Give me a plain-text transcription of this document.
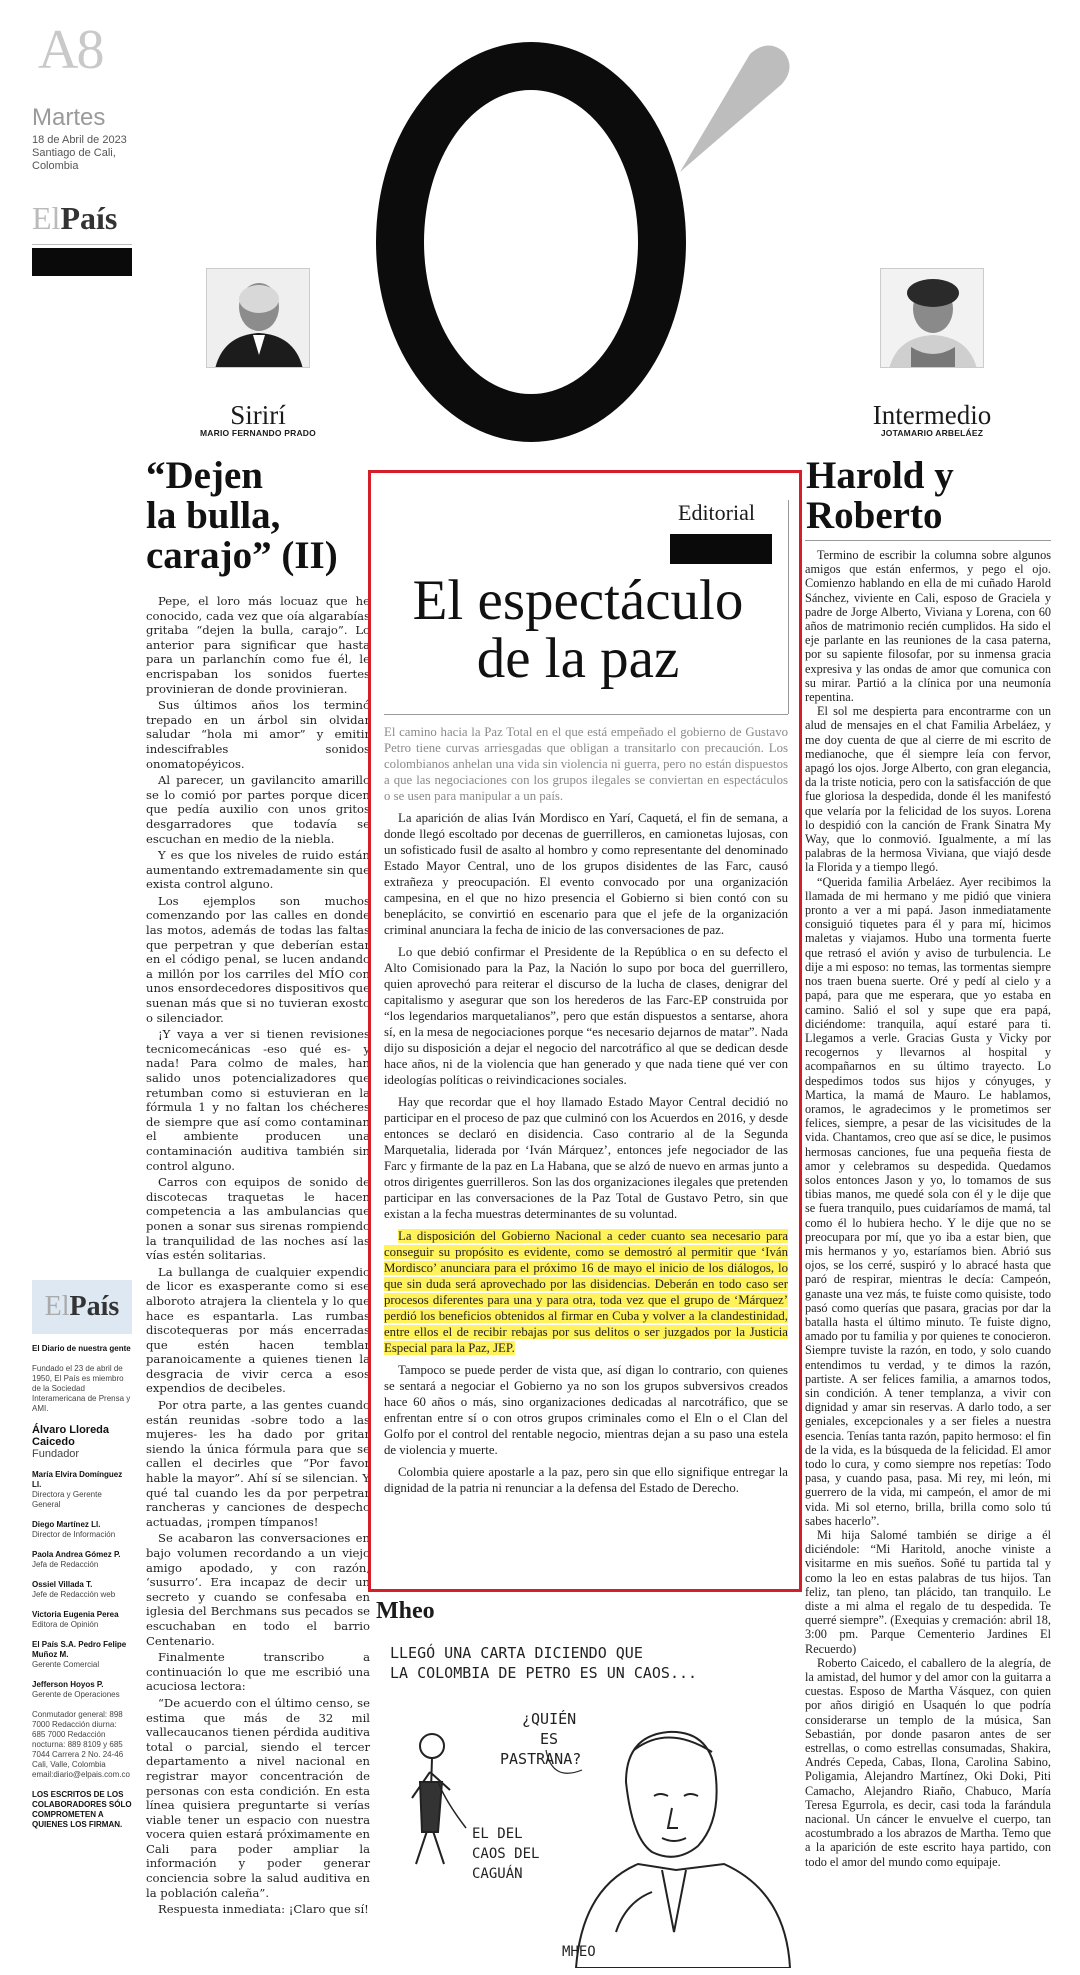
A8
Martes
18 de Abril de 2023
Santiago de Cali, Colombia
ElPaís
Sirirí
MARIO FERNANDO PRADO
Intermedio
JOTAMARIO ARBELÁEZ
“Dejen
la bulla,
carajo” (II)

Pepe, el loro más locuaz que he conocido, cada vez que oía algarabías gritaba “dejen la bulla, carajo”. Lo anterior para significar que hasta para un parlanchín como fue él, le encrispaban los sonidos fuertes provinieran de donde provinieran.

Sus últimos años los terminó trepado en un árbol sin olvidar saludar “hola mi amor” y emitir indescifrables sonidos onomatopéyicos.

Al parecer, un gavilancito amarillo se lo comió por partes porque dicen que pedía auxilio con unos gritos desgarradores que todavía se escuchan en medio de la niebla.

Y es que los niveles de ruido están aumentando extremadamente sin que exista control alguno.

Los ejemplos son muchos comenzando por las calles en donde las motos, además de todas las faltas que perpetran y que deberían estar en el código penal, se lucen andando a millón por los carriles del MÍO con unos ensordecedores dispositivos que suenan más que si no tuvieran exosto o silenciador.

¡Y vaya a ver si tienen revisiones tecnicomecánicas -eso qué es- y nada! Para colmo de males, han salido unos potencializadores que retumban como si estuvieran en la fórmula 1 y no faltan los chécheres de siempre que así como contaminan el ambiente producen una contaminación auditiva también sin control alguno.

Carros con equipos de sonido de discotecas traquetas le hacen competencia a las ambulancias que ponen a sonar sus sirenas rompiendo la tranquilidad de las noches así las vías estén solitarias.

La bullanga de cualquier expendio de licor es exasperante como si ese alboroto atrajera la clientela y lo que hace es espantarla. Las rumbas discotequeras por más encerradas que estén hacen temblar paranoicamente a quienes tienen la desgracia de vivir cerca a esos expendios de decibeles.

Por otra parte, a las gentes cuando están reunidas -sobre todo a las mujeres- les ha dado por gritar siendo la única fórmula para que se callen el decirles que “Por favor hable la mayor”. Ahí sí se silencian. Y qué tal cuando les da por perpetrar rancheras y canciones de despecho actuadas, ¡rompen tímpanos!

Se acabaron las conversaciones en bajo volumen recordando a un viejo amigo apodado, y con razón, ‘susurro’. Era incapaz de decir un secreto y cuando se confesaba en iglesia del Berchmans sus pecados se escuchaban en todo el barrio Centenario.

Finalmente transcribo a continuación lo que me escribió una acuciosa lectora:

“De acuerdo con el último censo, se estima que más de 32 mil vallecaucanos tienen pérdida auditiva total o parcial, siendo el tercer departamento a nivel nacional en registrar mayor concentración de personas con esta condición. En esta línea quisiera preguntarte si verías viable tener un espacio con nuestra vocera quien estará próximamente en Cali para poder ampliar la información y poder generar conciencia sobre la salud auditiva en la población caleña”.

Respuesta inmediata: ¡Claro que sí!

Editorial
El espectáculo
de la paz

El camino hacia la Paz Total en el que está empeñado el gobierno de Gustavo Petro tiene curvas arriesgadas que obligan a transitarlo con precaución. Los colombianos anhelan una vida sin violencia ni guerra, pero no están dispuestos a que las negociaciones con los grupos ilegales se conviertan en espectáculos o se usen para manipular a un país.

La aparición de alias Iván Mordisco en Yarí, Caquetá, el fin de semana, a donde llegó escoltado por decenas de guerrilleros, en camionetas lujosas, con un sofisticado fusil de asalto al hombro y como representante del denominado Estado Mayor Central, uno de los grupos disidentes de las Farc, causó extrañeza y preocupación. El evento convocado por una organización campesina, en el que no hizo presencia el Gobierno si bien contó con su beneplácito, se convirtió en escenario para que el jefe de la organización criminal anunciara la fecha de inicio de las conversaciones de paz.

Lo que debió confirmar el Presidente de la República o en su defecto el Alto Comisionado para la Paz, la Nación lo supo por boca del guerrillero, quien aprovechó para reiterar el discurso de la lucha de clases, denigrar del capitalismo y asegurar que son los herederos de las Farc-EP construida por “los legendarios marquetalianos”, pero que están dispuestos a sentarse, ahora sí, en la mesa de negociaciones porque “es necesario dejarnos de matar”. Nada dijo su disposición a dejar el negocio del narcotráfico al que se dedican desde hace años, ni de la violencia que han generado y que nada tiene qué ver con ideologías políticas o reivindicaciones sociales.

Hay que recordar que el hoy llamado Estado Mayor Central decidió no participar en el proceso de paz que culminó con los Acuerdos en 2016, y desde entonces se declaró en disidencia. Caso contrario al de la Segunda Marquetalia, liderada por ‘Iván Márquez’, entonces jefe negociador de las Farc y firmante de la paz en La Habana, que se alzó de nuevo en armas junto a otros dirigentes guerrilleros. Son las dos organizaciones ilegales que pretenden participar en las conversaciones de la Paz Total de Gustavo Petro, sin que existan a la fecha muestras determinantes de su voluntad.

La disposición del Gobierno Nacional a ceder cuanto sea necesario para conseguir su propósito es evidente, como se demostró al permitir que ‘Iván Mordisco’ anunciara para el próximo 16 de mayo el inicio de los diálogos, lo que sin duda será aprovechado por las disidencias. Deberán en todo caso ser procesos diferentes para una y para otra, toda vez que el grupo de ‘Márquez’ perdió los beneficios obtenidos al firmar en Cuba y volver a la clandestinidad, entre ellos el de recibir rebajas por sus delitos o ser juzgados por la Justicia Especial para la Paz, JEP.

Tampoco se puede perder de vista que, así digan lo contrario, con quienes se sentará a negociar el Gobierno ya no son los grupos subversivos creados hace 60 años o más, sino organizaciones dedicadas al narcotráfico, que se enfrentan entre sí o con otros grupos criminales como el Eln o el Clan del Golfo por el control del rentable negocio, mientras dejan a su paso una estela de violencia y muerte.

Colombia quiere apostarle a la paz, pero sin que ello signifique entregar la dignidad de la patria ni renunciar a la defensa del Estado de Derecho.

Harold y
Roberto

Termino de escribir la columna sobre algunos amigos que están enfermos, y pego el ojo. Comienzo hablando en ella de mi cuñado Harold Sánchez, viviente en Cali, esposo de Graciela y padre de Jorge Alberto, Viviana y Lorena, con 60 años de matrimonio recién cumplidos. Ha sido el eje parlante en las reuniones de la casa paterna, por su sapiente filosofar, por su inmensa gracia expresiva y las ondas de amor que comunica con su mirar. Partió a la clínica por una neumonía repentina.

El sol me despierta para encontrarme con un alud de mensajes en el chat Familia Arbeláez, y me doy cuenta de que al cierre de mi escrito de medianoche, que él siempre leía con fervor, apagó los ojos. Jorge Alberto, con gran elegancia, da la triste noticia, pero con la satisfacción de que fue gloriosa la despedida, donde él les manifestó que velaría por la felicidad de los suyos. Lorena lo despidió con la canción de Frank Sinatra My Way, que lo conmovió. Igualmente, a mí las palabras de la hermosa Viviana, que viajó desde la Florida y a tiempo llegó.

“Querida familia Arbeláez. Ayer recibimos la llamada de mi hermano y me pidió que viniera pronto a ver a mi papá. Jason inmediatamente consiguió tiquetes para él y para mí, hicimos maletas y viajamos. Hubo una tormenta fuerte que retrasó el avión y aviso de turbulencia. Le dije a mi esposo: no temas, las tormentas siempre nos traen buena suerte. Oré y pedí al cielo y a papá, para que me esperara, que yo estaba en camino. Salió el sol y supe que era papá, diciéndome: tranquila, aquí estaré para ti. Llegamos a verle. Gracias Gusta y Vicky por recogernos y llevarnos al hospital y acompañarnos en su último trayecto. Lo despedimos todos sus hijos y cónyuges, y Martica, la mamá de Mauro. Le hablamos, oramos, le agradecimos y le prometimos ser felices, siempre, a pesar de las vicisitudes de la vida. Chantamos, creo que así se dice, le pusimos hermosas canciones, fue una pequeña fiesta de amor y celebramos su despedida. Quedamos solos entonces Jason y yo, lo tomamos de sus tibias manos, me quedé sola con él y le dije que se fuera tranquilo, pues cuidaríamos de mamá, tal como él lo hubiera hecho. Y le dije que no se preocupara por mí, que yo iba a estar bien, que mis hermanos y yo, estaríamos bien. Abrió sus ojos, se los cerré, suspiró y lo abracé hasta que paró de respirar, mientras le decía: Campeón, ganaste una vez más, te fuiste como quisiste, todo pasó como querías que pasara, gracias por dar la batalla hasta el último minuto. Te fuiste digno, amado por tu familia y por quienes te conocieron. Siempre tuviste la razón, en todo, y solo cuando entendimos tu verdad, y te dimos la razón, partiste. A ser felices familia, a amarnos todos, sin condición. A tener templanza, a vivir con dignidad y amar sin reservas. A darlo todo, a ser geniales, excepcionales y a ser fieles a nuestra esencia. Tenías tanta razón, papito hermoso: el fin de la vida, es la búsqueda de la felicidad. El amor todo lo cura, y como siempre nos repetías: Todo pasa, y cuando pasa, pasa. Mi rey, mi león, mi guerrero de la vida, mi campeón, el amor de mi vida. Mi sol eterno, brilla, brilla como solo tú sabes hacerlo”.

Mi hija Salomé también se dirige a él diciéndole: “Mi Haritold, anoche viniste a visitarme en mis sueños. Soñé tu partida tal y como la leo en estas palabras de tus hijos. Tan feliz, tan pleno, tan plácido, tan tranquilo. Le diste a mi alma el regalo de tu despedida. Te querré siempre”. (Exequias y cremación: abril 18, 3:00 pm. Parque Cementerio Jardines El Recuerdo)

Roberto Caicedo, el caballero de la alegría, de la amistad, del humor y del amor con la guitarra a cuestas. Esposo de Martha Vásquez, con quien por años dirigió en Usaquén lo que podría considerarse un templo de la música, San Sebastián, por donde pasaron antes de ser estrellas, o como estrellas consumadas, Shakira, Andrés Cepeda, Cabas, Ilona, Carolina Sabino, Poligamia, Alejandro Martínez, Oki Doki, Piti Camacho, Alejandro Riaño, Chabuco, María Teresa Egurrola, es decir, casi toda la farándula nacional. Un cáncer le envuelve el cuerpo, tan acostumbrado a los abrazos de Martha. Temo que a la aparición de este escrito haya partido, con todo el amor del mundo como equipaje.

ElPaís
El Diario de nuestra gente
Fundado el 23 de abril de 1950, El País es miembro de la Sociedad Interamericana de Prensa y AMI.
Álvaro Lloreda Caicedo
Fundador
María Elvira Domínguez Ll.
Directora y Gerente General
Diego Martínez Ll.
Director de Información
Paola Andrea Gómez P.
Jefa de Redacción
Ossiel Villada T.
Jefe de Redacción web
Victoria Eugenia Perea
Editora de Opinión
El País S.A. Pedro Felipe Muñoz M.
Gerente Comercial
Jefferson Hoyos P.
Gerente de Operaciones
Conmutador general: 898 7000 Redacción diurna: 685 7000 Redacción nocturna: 889 8109 y 685 7044 Carrera 2 No. 24-46 Cali, Valle, Colombia email:diario@elpais.com.co
LOS ESCRITOS DE LOS COLABORADORES SÓLO COMPROMETEN A QUIENES LOS FIRMAN.
Mheo
LLEGÓ UNA CARTA DICIENDO QUE
LA COLOMBIA DE PETRO ES UN CAOS...
¿QUIÉN
ES
PASTRANA?
EL DEL
CAOS DEL
CAGUÁN
MHEO
